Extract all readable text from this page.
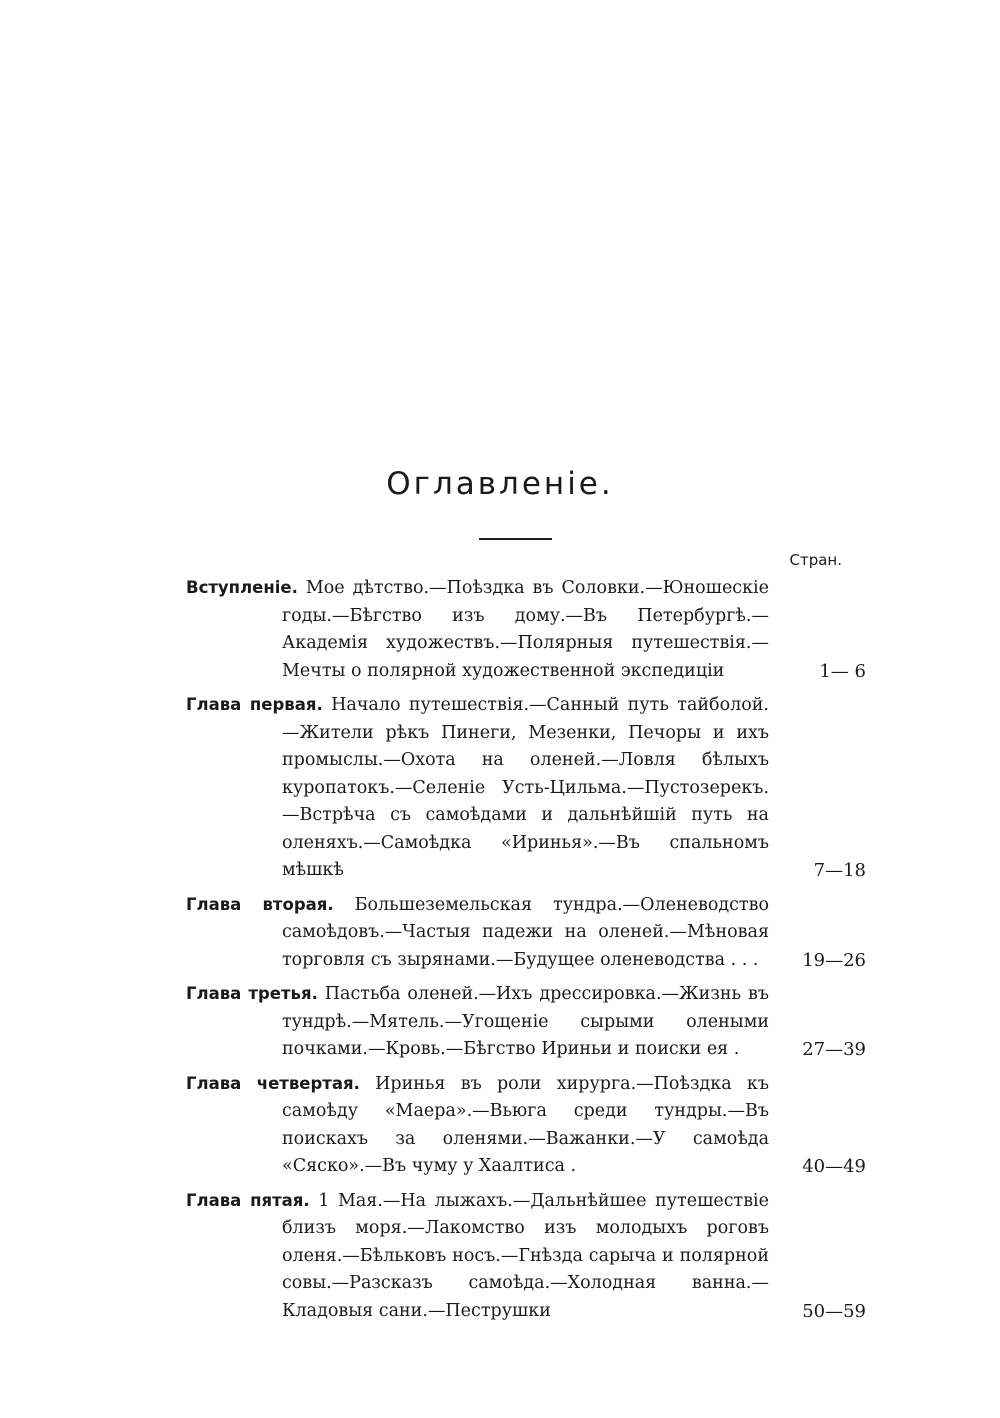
Оглавленіе.
Стран.
Вступленіе. Мое дѣтство.—Поѣздка въ Соловки.—Юношескіе годы.—Бѣгство изъ дому.—Въ Петербургѣ.—Академія художествъ.—Полярныя путешествія.—Мечты о полярной художественной экспедиціи	1— 6
Глава первая. Начало путешествія.—Санный путь тайболой.—Жители рѣкъ Пинеги, Мезенки, Печоры и ихъ промыслы.—Охота на оленей.—Ловля бѣлыхъ куропатокъ.—Селеніе Усть-Цильма.—Пустозерекъ.—Встрѣча съ самоѣдами и дальнѣйшій путь на оленяхъ.—Самоѣдка «Иринья».—Въ спальномъ мѣшкѣ	7—18
Глава вторая. Большеземельская тундра.—Оленеводство самоѣдовъ.—Частыя падежи на оленей.—Мѣновая торговля съ зырянами.—Будущее оленеводства . . .	19—26
Глава третья. Пастьба оленей.—Ихъ дрессировка.—Жизнь въ тундрѣ.—Мятель.—Угощеніе сырыми олеными почками.—Кровь.—Бѣгство Ириньи и поиски ея .	27—39
Глава четвертая. Иринья въ роли хирурга.—Поѣздка къ самоѣду «Маера».—Вьюга среди тундры.—Въ поискахъ за оленями.—Важанки.—У самоѣда «Сяско».—Въ чуму у Хаалтиса .	40—49
Глава пятая. 1 Мая.—На лыжахъ.—Дальнѣйшее путешествіе близъ моря.—Лакомство изъ молодыхъ роговъ оленя.—Бѣльковъ носъ.—Гнѣзда сарыча и полярной совы.—Разсказъ самоѣда.—Холодная ванна.—Кладовыя сани.—Пеструшки	50—59
